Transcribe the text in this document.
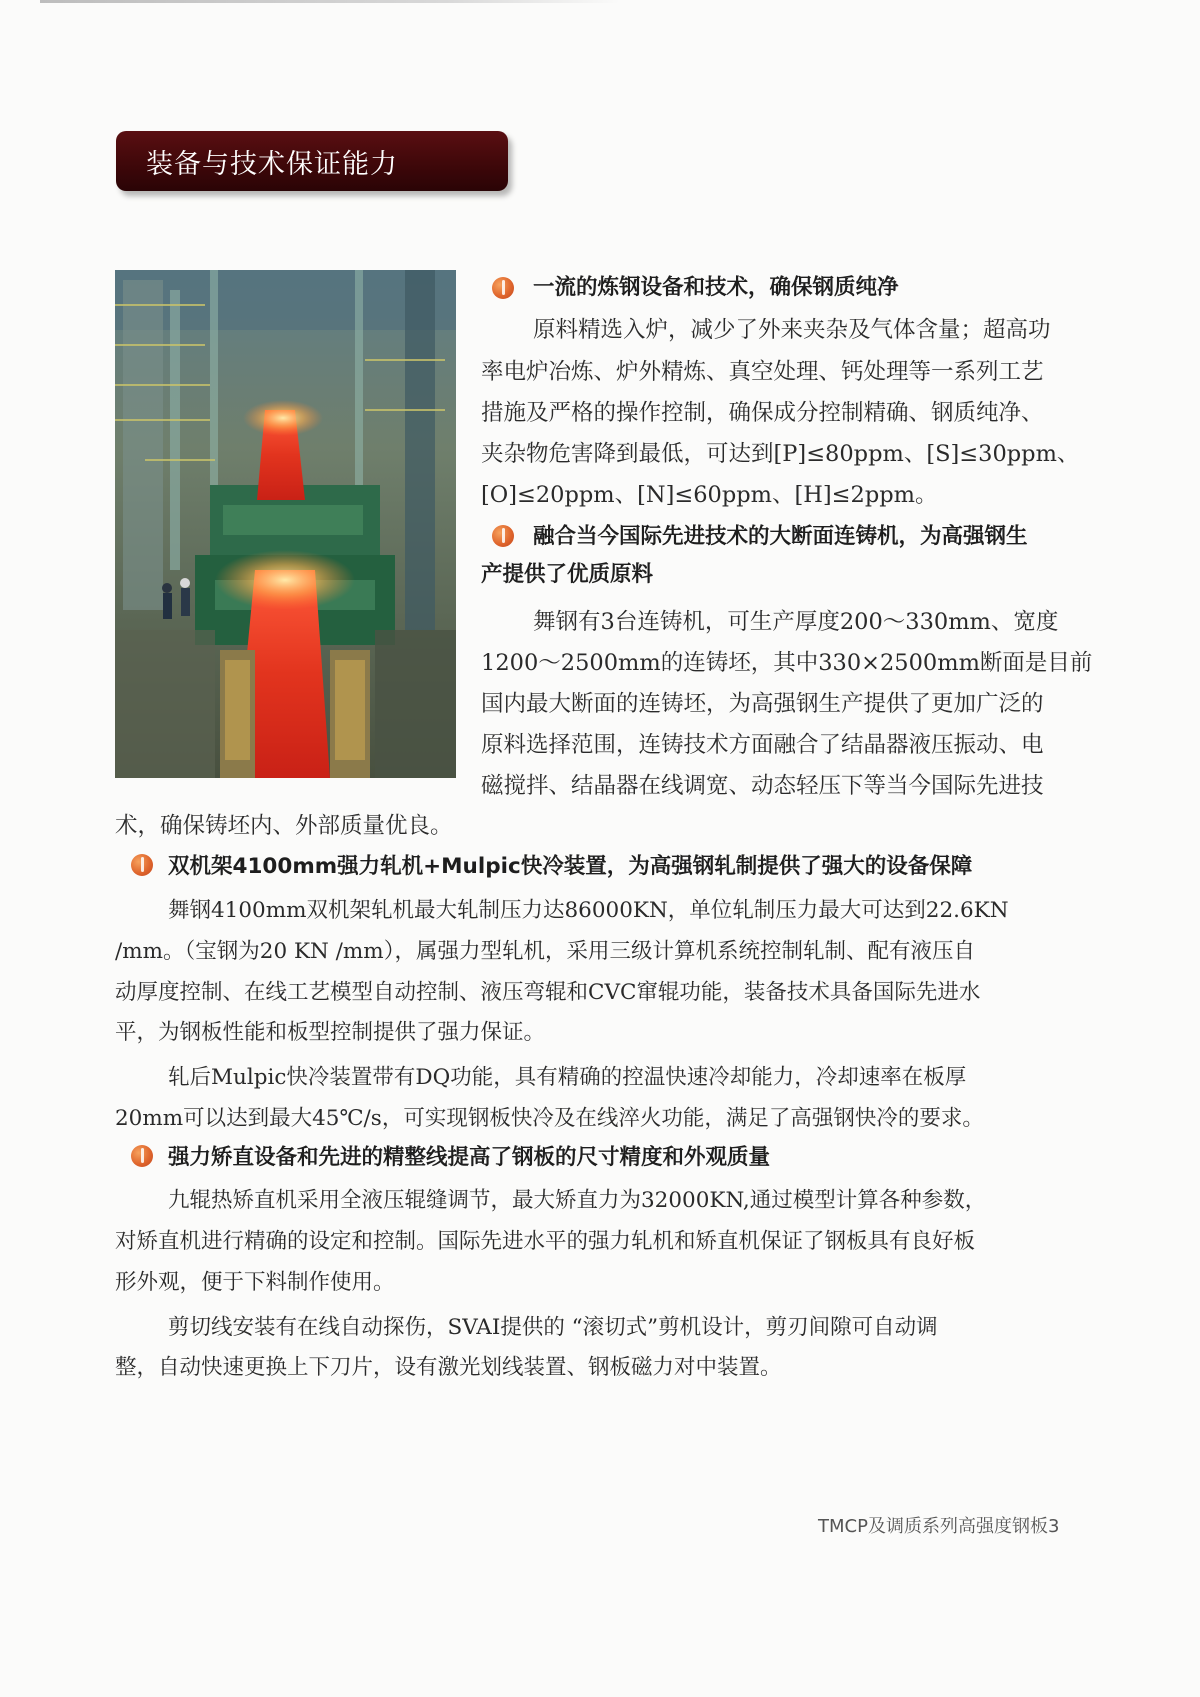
装备与技术保证能力

一流的炼钢设备和技术，确保钢质纯净

原料精选入炉，减少了外来夹杂及气体含量；超高功

率电炉冶炼、炉外精炼、真空处理、钙处理等一系列工艺

措施及严格的操作控制，确保成分控制精确、钢质纯净、

夹杂物危害降到最低，可达到[P]≤80ppm、[S]≤30ppm、

[O]≤20ppm、[N]≤60ppm、[H]≤2ppm。

融合当今国际先进技术的大断面连铸机，为高强钢生

产提供了优质原料

舞钢有3台连铸机，可生产厚度200～330mm、宽度

1200～2500mm的连铸坯，其中330×2500mm断面是目前

国内最大断面的连铸坯，为高强钢生产提供了更加广泛的

原料选择范围，连铸技术方面融合了结晶器液压振动、电

磁搅拌、结晶器在线调宽、动态轻压下等当今国际先进技

术，确保铸坯内、外部质量优良。

双机架4100mm强力轧机+Mulpic快冷装置，为高强钢轧制提供了强大的设备保障

舞钢4100mm双机架轧机最大轧制压力达86000KN，单位轧制压力最大可达到22.6KN

/mm。（宝钢为20 KN /mm），属强力型轧机，采用三级计算机系统控制轧制、配有液压自

动厚度控制、在线工艺模型自动控制、液压弯辊和CVC窜辊功能，装备技术具备国际先进水

平，为钢板性能和板型控制提供了强力保证。

轧后Mulpic快冷装置带有DQ功能，具有精确的控温快速冷却能力，冷却速率在板厚

20mm可以达到最大45℃/s，可实现钢板快冷及在线淬火功能，满足了高强钢快冷的要求。

强力矫直设备和先进的精整线提高了钢板的尺寸精度和外观质量

九辊热矫直机采用全液压辊缝调节，最大矫直力为32000KN,通过模型计算各种参数，

对矫直机进行精确的设定和控制。国际先进水平的强力轧机和矫直机保证了钢板具有良好板

形外观，便于下料制作使用。

剪切线安装有在线自动探伤，SVAI提供的 “滚切式”剪机设计，剪刃间隙可自动调

整，自动快速更换上下刀片，设有激光划线装置、钢板磁力对中装置。

TMCP及调质系列高强度钢板3
